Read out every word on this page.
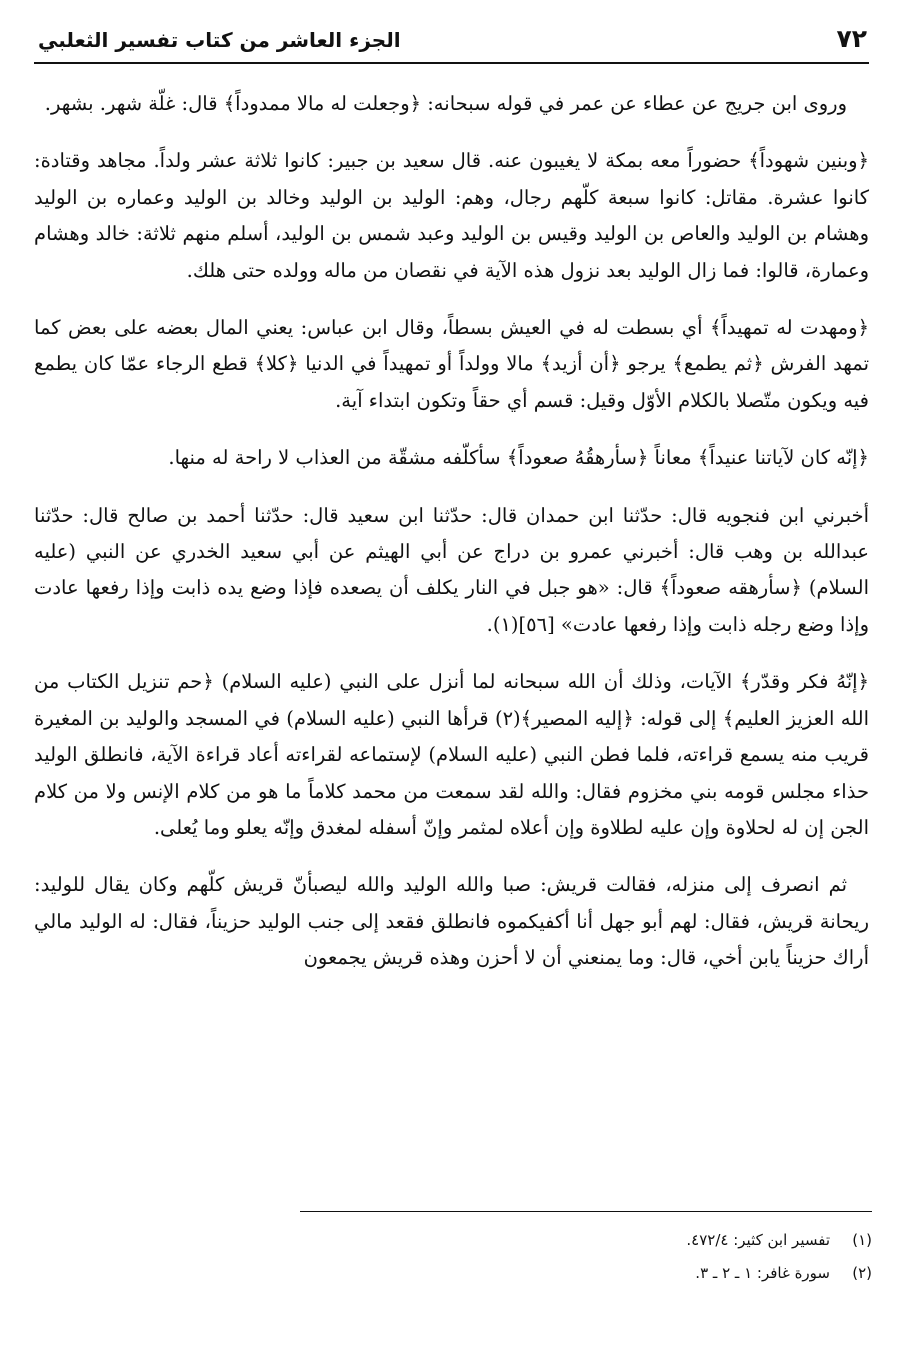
٧٢
الجزء العاشر من كتاب تفسير الثعلبي

وروى ابن جريج عن عطاء عن عمر في قوله سبحانه: ﴿وجعلت له مالا ممدوداً﴾ قال: غلّة شهر. بشهر.

﴿وبنين شهوداً﴾ حضوراً معه بمكة لا يغيبون عنه. قال سعيد بن جبير: كانوا ثلاثة عشر ولداً. مجاهد وقتادة: كانوا عشرة. مقاتل: كانوا سبعة كلّهم رجال، وهم: الوليد بن الوليد وخالد بن الوليد وعماره بن الوليد وهشام بن الوليد والعاص بن الوليد وقيس بن الوليد وعبد شمس بن الوليد، أسلم منهم ثلاثة: خالد وهشام وعمارة، قالوا: فما زال الوليد بعد نزول هذه الآية في نقصان من ماله وولده حتى هلك.

﴿ومهدت له تمهيداً﴾ أي بسطت له في العيش بسطاً، وقال ابن عباس: يعني المال بعضه على بعض كما تمهد الفرش ﴿ثم يطمع﴾ يرجو ﴿أن أزيد﴾ مالا وولداً أو تمهيداً في الدنيا ﴿كلا﴾ قطع الرجاء عمّا كان يطمع فيه ويكون متّصلا بالكلام الأوّل وقيل: قسم أي حقاً وتكون ابتداء آية.

﴿إنّه كان لآياتنا عنيداً﴾ معاناً ﴿سأرهقُهُ صعوداً﴾ سأكلّفه مشقّة من العذاب لا راحة له منها.

أخبرني ابن فنجويه قال: حدّثنا ابن حمدان قال: حدّثنا ابن سعيد قال: حدّثنا أحمد بن صالح قال: حدّثنا عبدالله بن وهب قال: أخبرني عمرو بن دراج عن أبي الهيثم عن أبي سعيد الخدري عن النبي (عليه السلام) ﴿سأرهقه صعوداً﴾ قال: «هو جبل في النار يكلف أن يصعده فإذا وضع يده ذابت وإذا رفعها عادت وإذا وضع رجله ذابت وإذا رفعها عادت» [٥٦](١).

﴿إنّهُ فكر وقدّر﴾ الآيات، وذلك أن الله سبحانه لما أنزل على النبي (عليه السلام) ﴿حم تنزيل الكتاب من الله العزيز العليم﴾ إلى قوله: ﴿إليه المصير﴾(٢) قرأها النبي (عليه السلام) في المسجد والوليد بن المغيرة قريب منه يسمع قراءته، فلما فطن النبي (عليه السلام) لإستماعه لقراءته أعاد قراءة الآية، فانطلق الوليد حذاء مجلس قومه بني مخزوم فقال: والله لقد سمعت من محمد كلاماً ما هو من كلام الإنس ولا من كلام الجن إن له لحلاوة وإن عليه لطلاوة وإن أعلاه لمثمر وإنّ أسفله لمغدق وإنّه يعلو وما يُعلى.

ثم انصرف إلى منزله، فقالت قريش: صبا والله الوليد والله ليصبأنّ قريش كلّهم وكان يقال للوليد: ريحانة قريش، فقال: لهم أبو جهل أنا أكفيكموه فانطلق فقعد إلى جنب الوليد حزيناً، فقال: له الوليد مالي أراك حزيناً يابن أخي، قال: وما يمنعني أن لا أحزن وهذه قريش يجمعون

(١)
تفسير ابن كثير: ٤٧٢/٤.
(٢)
سورة غافر: ١ ـ ٢ ـ ٣.
